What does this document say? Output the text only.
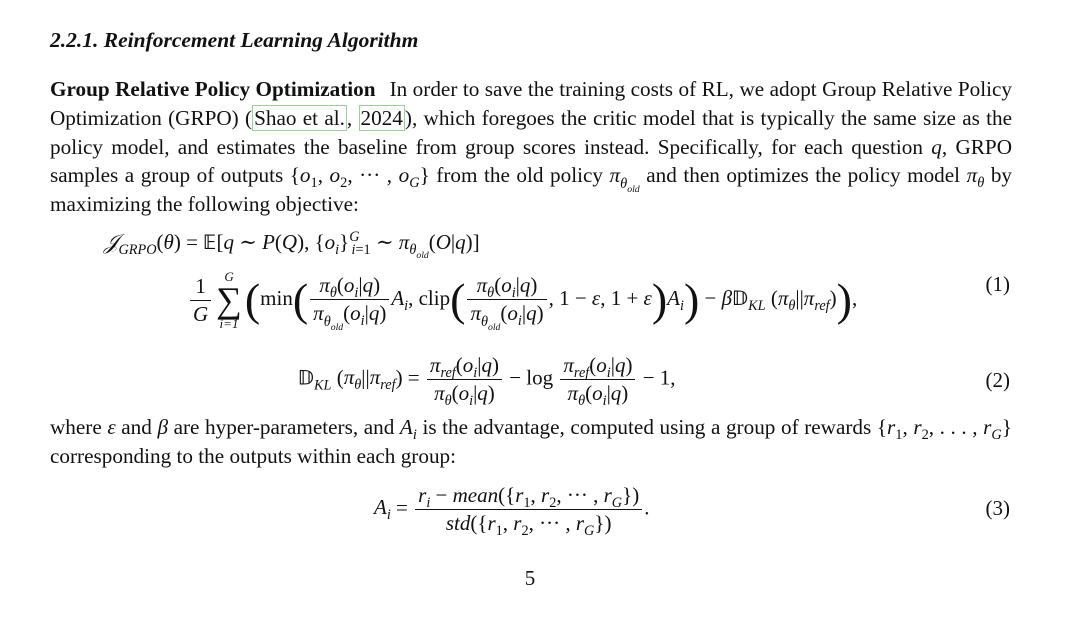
2.2.1. Reinforcement Learning Algorithm
Group Relative Policy Optimization In order to save the training costs of RL, we adopt Group Relative Policy Optimization (GRPO) (Shao et al., 2024), which foregoes the critic model that is typically the same size as the policy model, and estimates the baseline from group scores instead. Specifically, for each question q, GRPO samples a group of outputs {$o_1$, $o_2$, ··· , $o_G$} from the old policy $\pi_{\theta_{old}}$ and then optimizes the policy model $\pi_\theta$ by maximizing the following objective:
𝒥$_{GRPO}$(θ) = 𝔼[q ∼ P(Q), $\{o_i\}^G_{i=1}$ ∼ $\pi_{\theta_{old}}(O|q)$]
$\frac{1}{G}$	G
∑
i=1 ($\min( \frac{\pi_\theta(o_i|q)}{\pi_{\theta_{old}}(o_i|q)} A_i$, clip( $\frac{\pi_\theta(o_i|q)}{\pi_{\theta_{old}}(o_i|q)}$ , 1 − ε, $1 + \varepsilon)A_i$) − β𝔻$_{KL}$ $(\pi_\theta||\pi_{ref})$),
(1)
𝔻$_{KL}$ $(\pi_\theta||\pi_{ref}) = \frac{\pi_{ref}(o_i|q)}{\pi_\theta(o_i|q)} - \log \frac{\pi_{ref}(o_i|q)}{\pi_\theta(o_i|q)} - 1$,	(2)
where ε and β are hyper-parameters, and $A_i$ is the advantage, computed using a group of rewards {$r_1$, $r_2$, . . . , $r_G$} corresponding to the outputs within each group:
$A_i = \frac{r_i - mean(\{r_1, r_2, \cdot\cdot\cdot , r_G\})}{std(\{r_1, r_2, \cdot\cdot\cdot , r_G\})}$ .	(3)
5
